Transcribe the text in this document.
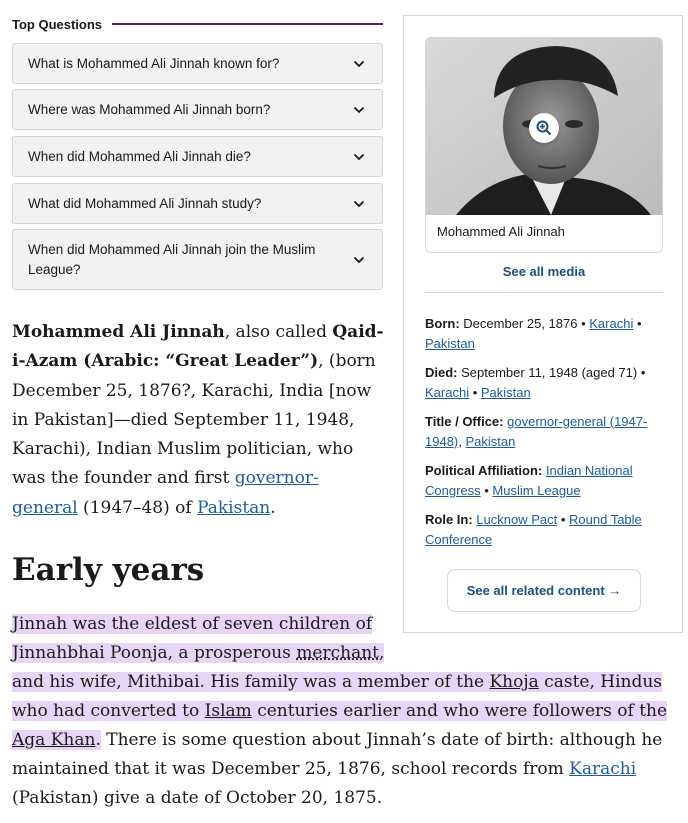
Top Questions
What is Mohammed Ali Jinnah known for?
Where was Mohammed Ali Jinnah born?
When did Mohammed Ali Jinnah die?
What did Mohammed Ali Jinnah study?
When did Mohammed Ali Jinnah join the Muslim League?

Mohammed Ali Jinnah, also called Qaid-i-Azam (Arabic: “Great Leader”), (born December 25, 1876?, Karachi, India [now in Pakistan]—died September 11, 1948, Karachi), Indian Muslim politician, who was the founder and first governor-general (1947–48) of Pakistan.

Early years
Jinnah was the eldest of seven children of
Jinnahbhai Poonja, a prosperous merchant,
and his wife, Mithibai. His family was a member of the Khoja caste, Hindus who had converted to Islam centuries earlier and who were followers of the Aga Khan. There is some question about Jinnah’s date of birth: although he maintained that it was December 25, 1876, school records from Karachi (Pakistan) give a date of October 20, 1875.
Mohammed Ali Jinnah
See all media
Born: December 25, 1876 • Karachi • Pakistan
Died: September 11, 1948 (aged 71) • Karachi • Pakistan
Title / Office: governor-general (1947-1948), Pakistan
Political Affiliation: Indian National Congress • Muslim League
Role In: Lucknow Pact • Round Table Conference
See all related content →
